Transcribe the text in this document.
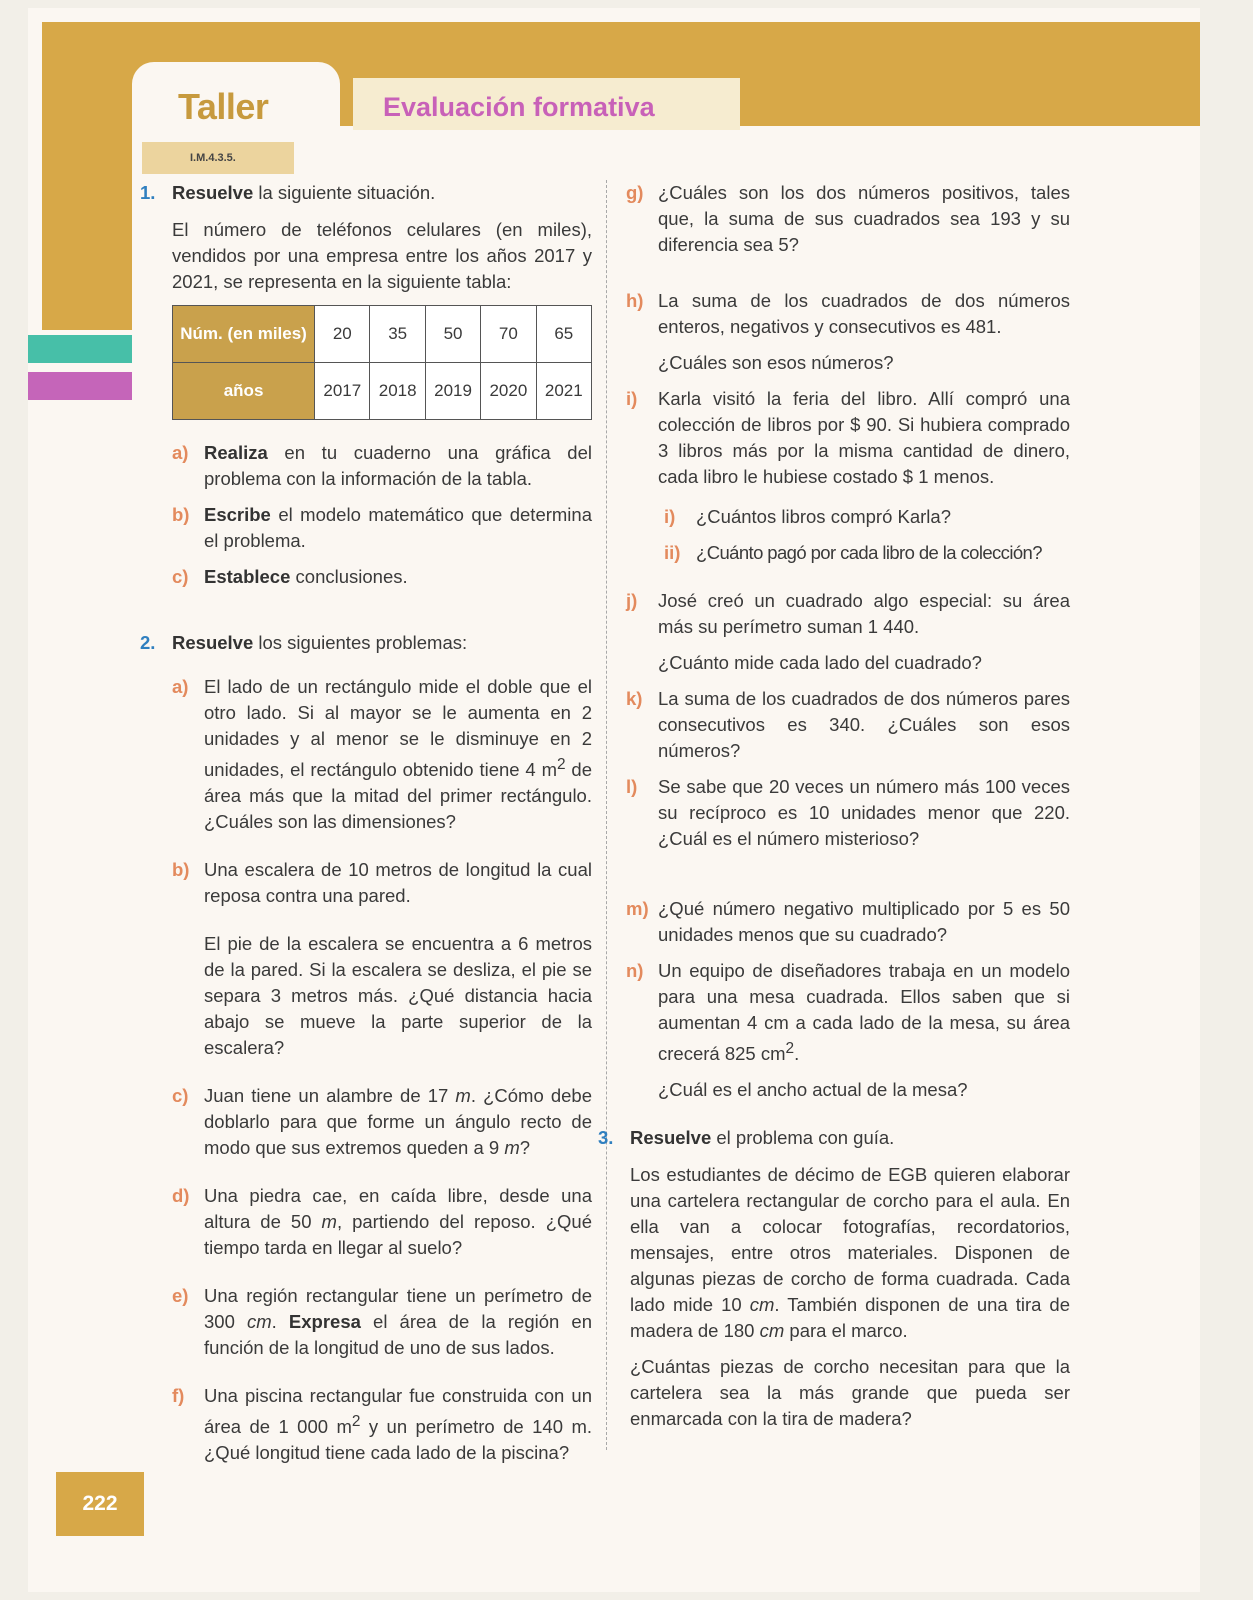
222
Taller	Evaluación formativa
I.M.4.3.5.
1. Resuelve la siguiente situación.
El número de teléfonos celulares (en miles), vendidos por una empresa entre los años 2017 y 2021, se representa en la siguiente tabla:
Núm. (en miles)	20	35	50	70	65
años	2017	2018	2019	2020	2021
a) Realiza en tu cuaderno una gráfica del problema con la información de la tabla.
b) Escribe el modelo matemático que determina el problema.
c) Establece conclusiones.
2. Resuelve los siguientes problemas:
a) El lado de un rectángulo mide el doble que el otro lado. Si al mayor se le aumenta en 2 unidades y al menor se le disminuye en 2 unidades, el rectángulo obtenido tiene 4 $m^2$ de área más que la mitad del primer rectángulo. ¿Cuáles son las dimensiones?
b) Una escalera de 10 metros de longitud la cual reposa contra una pared.
El pie de la escalera se encuentra a 6 metros de la pared. Si la escalera se desliza, el pie se separa 3 metros más. ¿Qué distancia hacia abajo se mueve la parte superior de la escalera?
c) Juan tiene un alambre de 17 m. ¿Cómo debe doblarlo para que forme un ángulo recto de modo que sus extremos queden a 9 m?
d) Una piedra cae, en caída libre, desde una altura de 50 m, partiendo del reposo. ¿Qué tiempo tarda en llegar al suelo?
e) Una región rectangular tiene un perímetro de 300 cm. Expresa el área de la región en función de la longitud de uno de sus lados.
f)	Una piscina rectangular fue construida con un área de 1 000 $m^2$ y un perímetro de 140 m. ¿Qué longitud tiene cada lado de la piscina?
g) ¿Cuáles son los dos números positivos, tales que, la suma de sus cuadrados sea 193 y su diferencia sea 5?
h) La suma de los cuadrados de dos números enteros, negativos y consecutivos es 481.
¿Cuáles son esos números?
i)	Karla visitó la feria del libro. Allí compró una colección de libros por $ 90. Si hubiera comprado 3 libros más por la misma cantidad de dinero, cada libro le hubiese costado $ 1 menos.
i)	¿Cuántos libros compró Karla?
ii) ¿Cuánto pagó por cada libro de la colección?
j)	José creó un cuadrado algo especial: su área más su perímetro suman 1 440.
¿Cuánto mide cada lado del cuadrado?
k) La suma de los cuadrados de dos números pares consecutivos es 340. ¿Cuáles son esos números?
l)	Se sabe que 20 veces un número más 100 veces su recíproco es 10 unidades menor que 220. ¿Cuál es el número misterioso?
m) ¿Qué número negativo multiplicado por 5 es 50 unidades menos que su cuadrado?
n) Un equipo de diseñadores trabaja en un modelo para una mesa cuadrada. Ellos saben que si aumentan 4 cm a cada lado de la mesa, su área crecerá 825 $cm^2$.
¿Cuál es el ancho actual de la mesa?
3. Resuelve el problema con guía.
Los estudiantes de décimo de EGB quieren elaborar una cartelera rectangular de corcho para el aula. En ella van a colocar fotografías, recordatorios, mensajes, entre otros materiales. Disponen de algunas piezas de corcho de forma cuadrada. Cada lado mide 10 cm. También disponen de una tira de madera de 180 cm para el marco.
¿Cuántas piezas de corcho necesitan para que la cartelera sea la más grande que pueda ser enmarcada con la tira de madera?
